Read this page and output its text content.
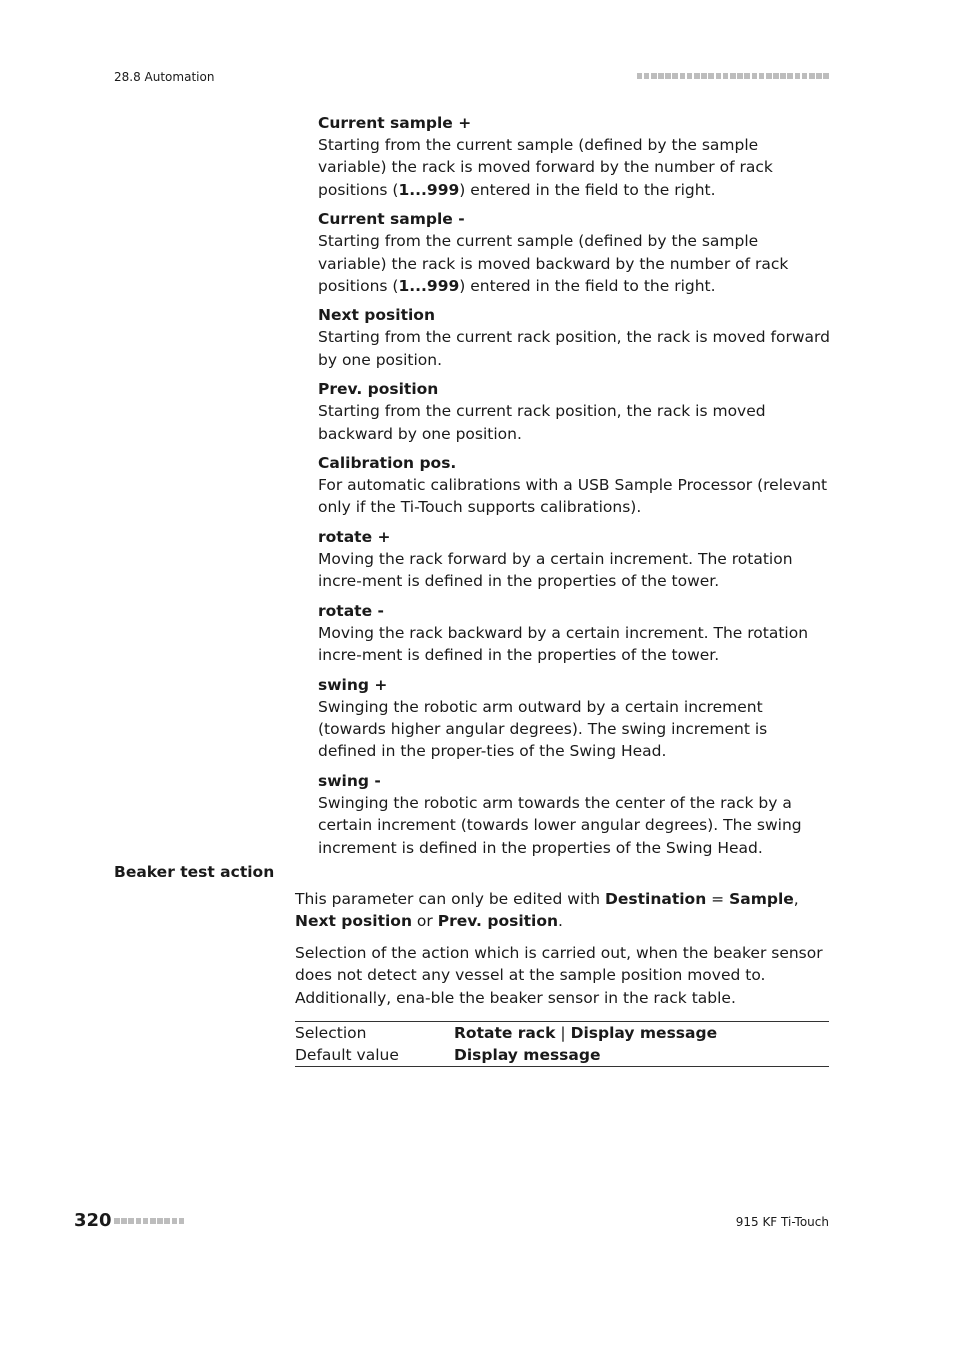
28.8 Automation
Current sample +
Starting from the current sample (defined by the sample variable) the rack is moved forward by the number of rack positions (1...999) entered in the field to the right.
Current sample -
Starting from the current sample (defined by the sample variable) the rack is moved backward by the number of rack positions (1...999) entered in the field to the right.
Next position
Starting from the current rack position, the rack is moved forward by one position.
Prev. position
Starting from the current rack position, the rack is moved backward by one position.
Calibration pos.
For automatic calibrations with a USB Sample Processor (relevant only if the Ti-Touch supports calibrations).
rotate +
Moving the rack forward by a certain increment. The rotation incre-ment is defined in the properties of the tower.
rotate -
Moving the rack backward by a certain increment. The rotation incre-ment is defined in the properties of the tower.
swing +
Swinging the robotic arm outward by a certain increment (towards higher angular degrees). The swing increment is defined in the proper-ties of the Swing Head.
swing -
Swinging the robotic arm towards the center of the rack by a certain increment (towards lower angular degrees). The swing increment is defined in the properties of the Swing Head.
Beaker test action
This parameter can only be edited with Destination = Sample, Next position or Prev. position.
Selection of the action which is carried out, when the beaker sensor does not detect any vessel at the sample position moved to. Additionally, ena-ble the beaker sensor in the rack table.
Selection	Rotate rack | Display message
Default value	Display message
320	915 KF Ti-Touch
